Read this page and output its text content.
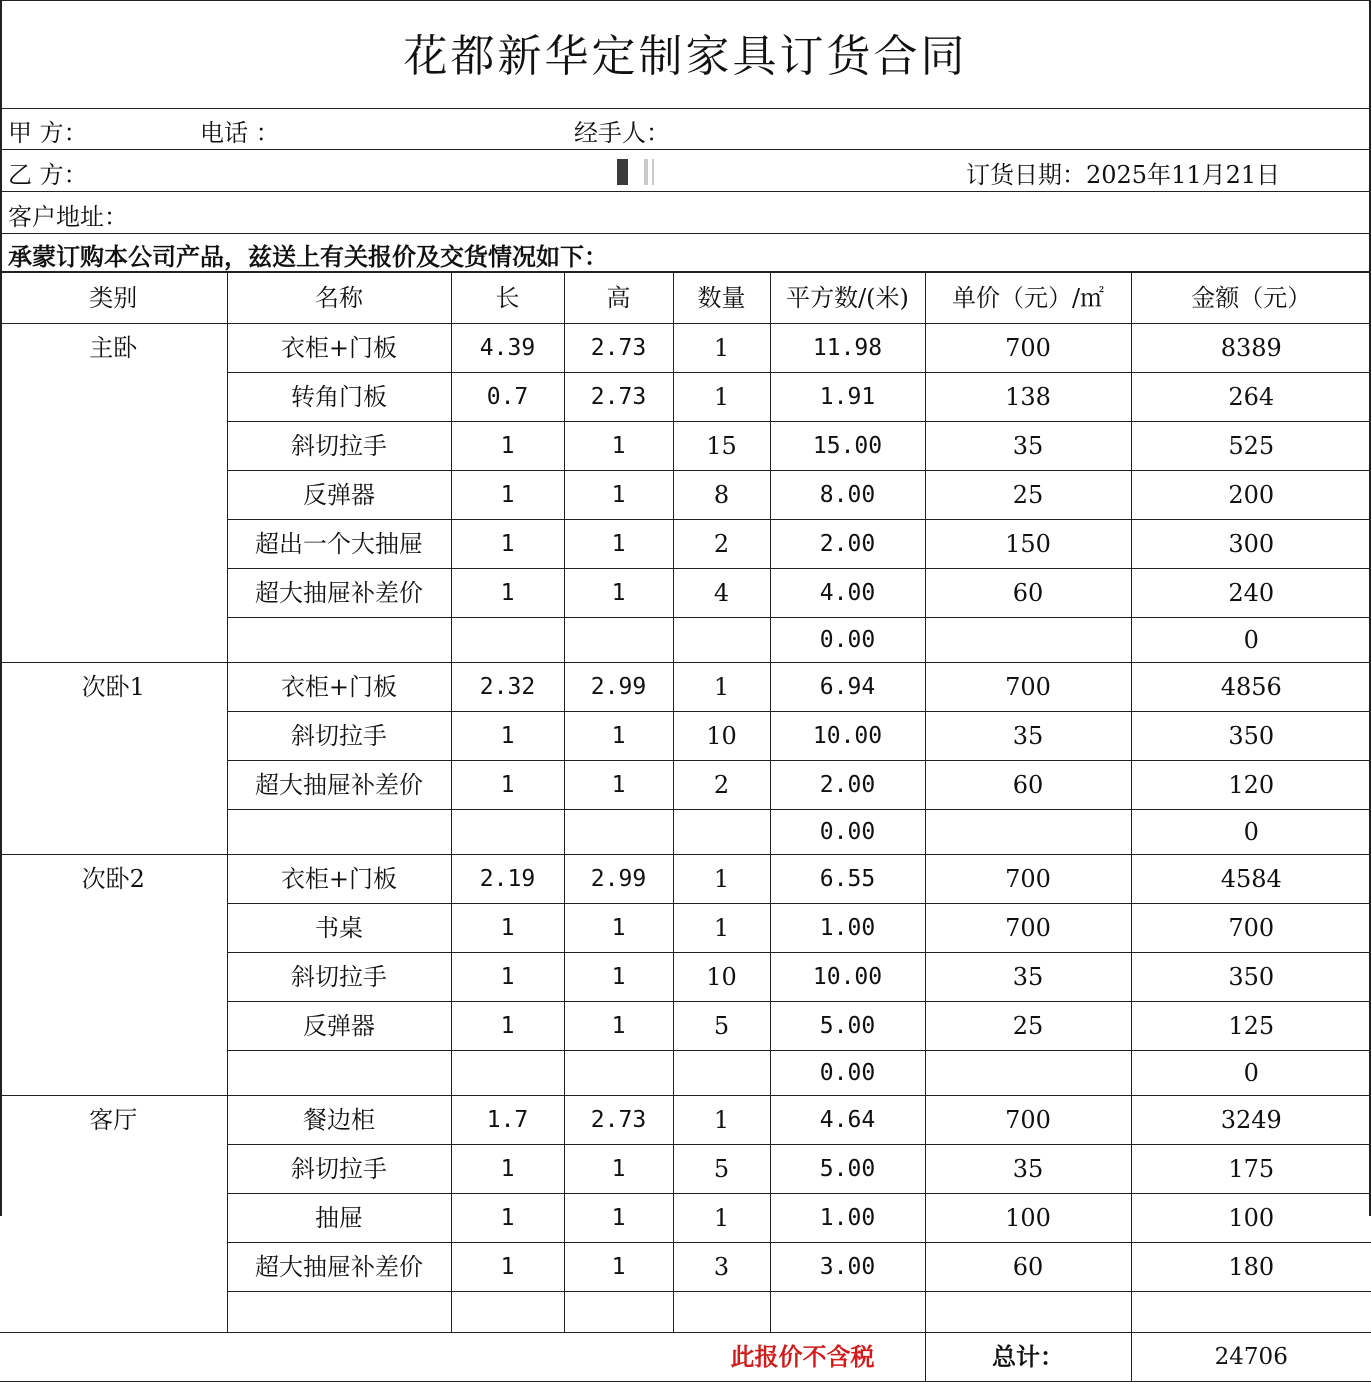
花都新华定制家具订货合同
甲 方：	电话 ：	经手人：
乙 方：	订货日期：2025年11月21日
客户地址：
承蒙订购本公司产品，兹送上有关报价及交货情况如下：
类别	名称	长	高	数量	平方数/(米)	单价（元）/㎡	金额（元）
主卧	衣柜+门板	4.39	2.73	1	11.98	700	8389
	转角门板	0.7	2.73	1	1.91	138	264
	斜切拉手	1	1	15	15.00	35	525
	反弹器	1	1	8	8.00	25	200
	超出一个大抽屉	1	1	2	2.00	150	300
	超大抽屉补差价	1	1	4	4.00	60	240
					0.00		0
次卧1	衣柜+门板	2.32	2.99	1	6.94	700	4856
	斜切拉手	1	1	10	10.00	35	350
	超大抽屉补差价	1	1	2	2.00	60	120
					0.00		0
次卧2	衣柜+门板	2.19	2.99	1	6.55	700	4584
	书桌	1	1	1	1.00	700	700
	斜切拉手	1	1	10	10.00	35	350
	反弹器	1	1	5	5.00	25	125
					0.00		0
客厅	餐边柜	1.7	2.73	1	4.64	700	3249
	斜切拉手	1	1	5	5.00	35	175
	抽屉	1	1	1	1.00	100	100
	超大抽屉补差价	1	1	3	3.00	60	180

此报价不含税						总计：	24706
